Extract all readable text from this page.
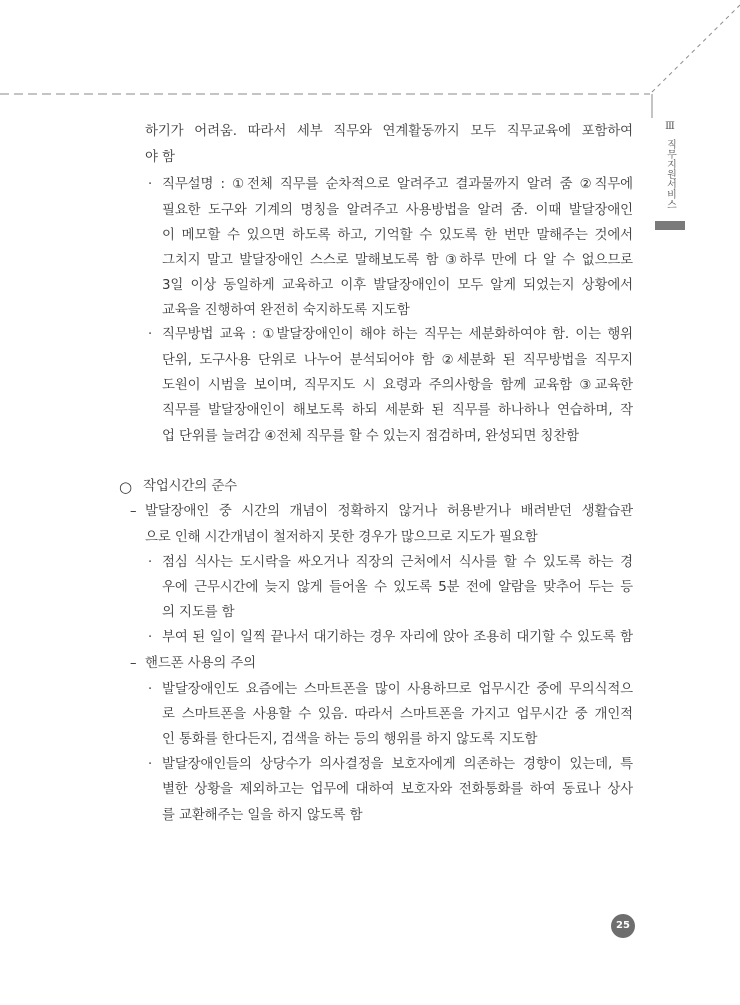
Ⅲ
직무지원서비스
하기가 어려움. 따라서 세부 직무와 연계활동까지 모두 직무교육에 포함하여
야 함
· 직무설명 : ①전체 직무를 순차적으로 알려주고 결과물까지 알려 줌 ②직무에
필요한 도구와 기계의 명칭을 알려주고 사용방법을 알려 줌. 이때 발달장애인
이 메모할 수 있으면 하도록 하고, 기억할 수 있도록 한 번만 말해주는 것에서
그치지 말고 발달장애인 스스로 말해보도록 함 ③하루 만에 다 알 수 없으므로
3일 이상 동일하게 교육하고 이후 발달장애인이 모두 알게 되었는지 상황에서
교육을 진행하여 완전히 숙지하도록 지도함
· 직무방법 교육 : ①발달장애인이 해야 하는 직무는 세분화하여야 함. 이는 행위
단위, 도구사용 단위로 나누어 분석되어야 함 ②세분화 된 직무방법을 직무지
도원이 시범을 보이며, 직무지도 시 요령과 주의사항을 함께 교육함 ③교육한
직무를 발달장애인이 해보도록 하되 세분화 된 직무를 하나하나 연습하며, 작
업 단위를 늘려감 ④전체 직무를 할 수 있는지 점검하며, 완성되면 칭찬함
○ 작업시간의 준수
– 발달장애인 중 시간의 개념이 정확하지 않거나 허용받거나 배려받던 생활습관
으로 인해 시간개념이 철저하지 못한 경우가 많으므로 지도가 필요함
· 점심 식사는 도시락을 싸오거나 직장의 근처에서 식사를 할 수 있도록 하는 경
우에 근무시간에 늦지 않게 들어올 수 있도록 5분 전에 알람을 맞추어 두는 등
의 지도를 함
· 부여 된 일이 일찍 끝나서 대기하는 경우 자리에 앉아 조용히 대기할 수 있도록 함
– 핸드폰 사용의 주의
· 발달장애인도 요즘에는 스마트폰을 많이 사용하므로 업무시간 중에 무의식적으
로 스마트폰을 사용할 수 있음. 따라서 스마트폰을 가지고 업무시간 중 개인적
인 통화를 한다든지, 검색을 하는 등의 행위를 하지 않도록 지도함
· 발달장애인들의 상당수가 의사결정을 보호자에게 의존하는 경향이 있는데, 특
별한 상황을 제외하고는 업무에 대하여 보호자와 전화통화를 하여 동료나 상사
를 교환해주는 일을 하지 않도록 함
25
